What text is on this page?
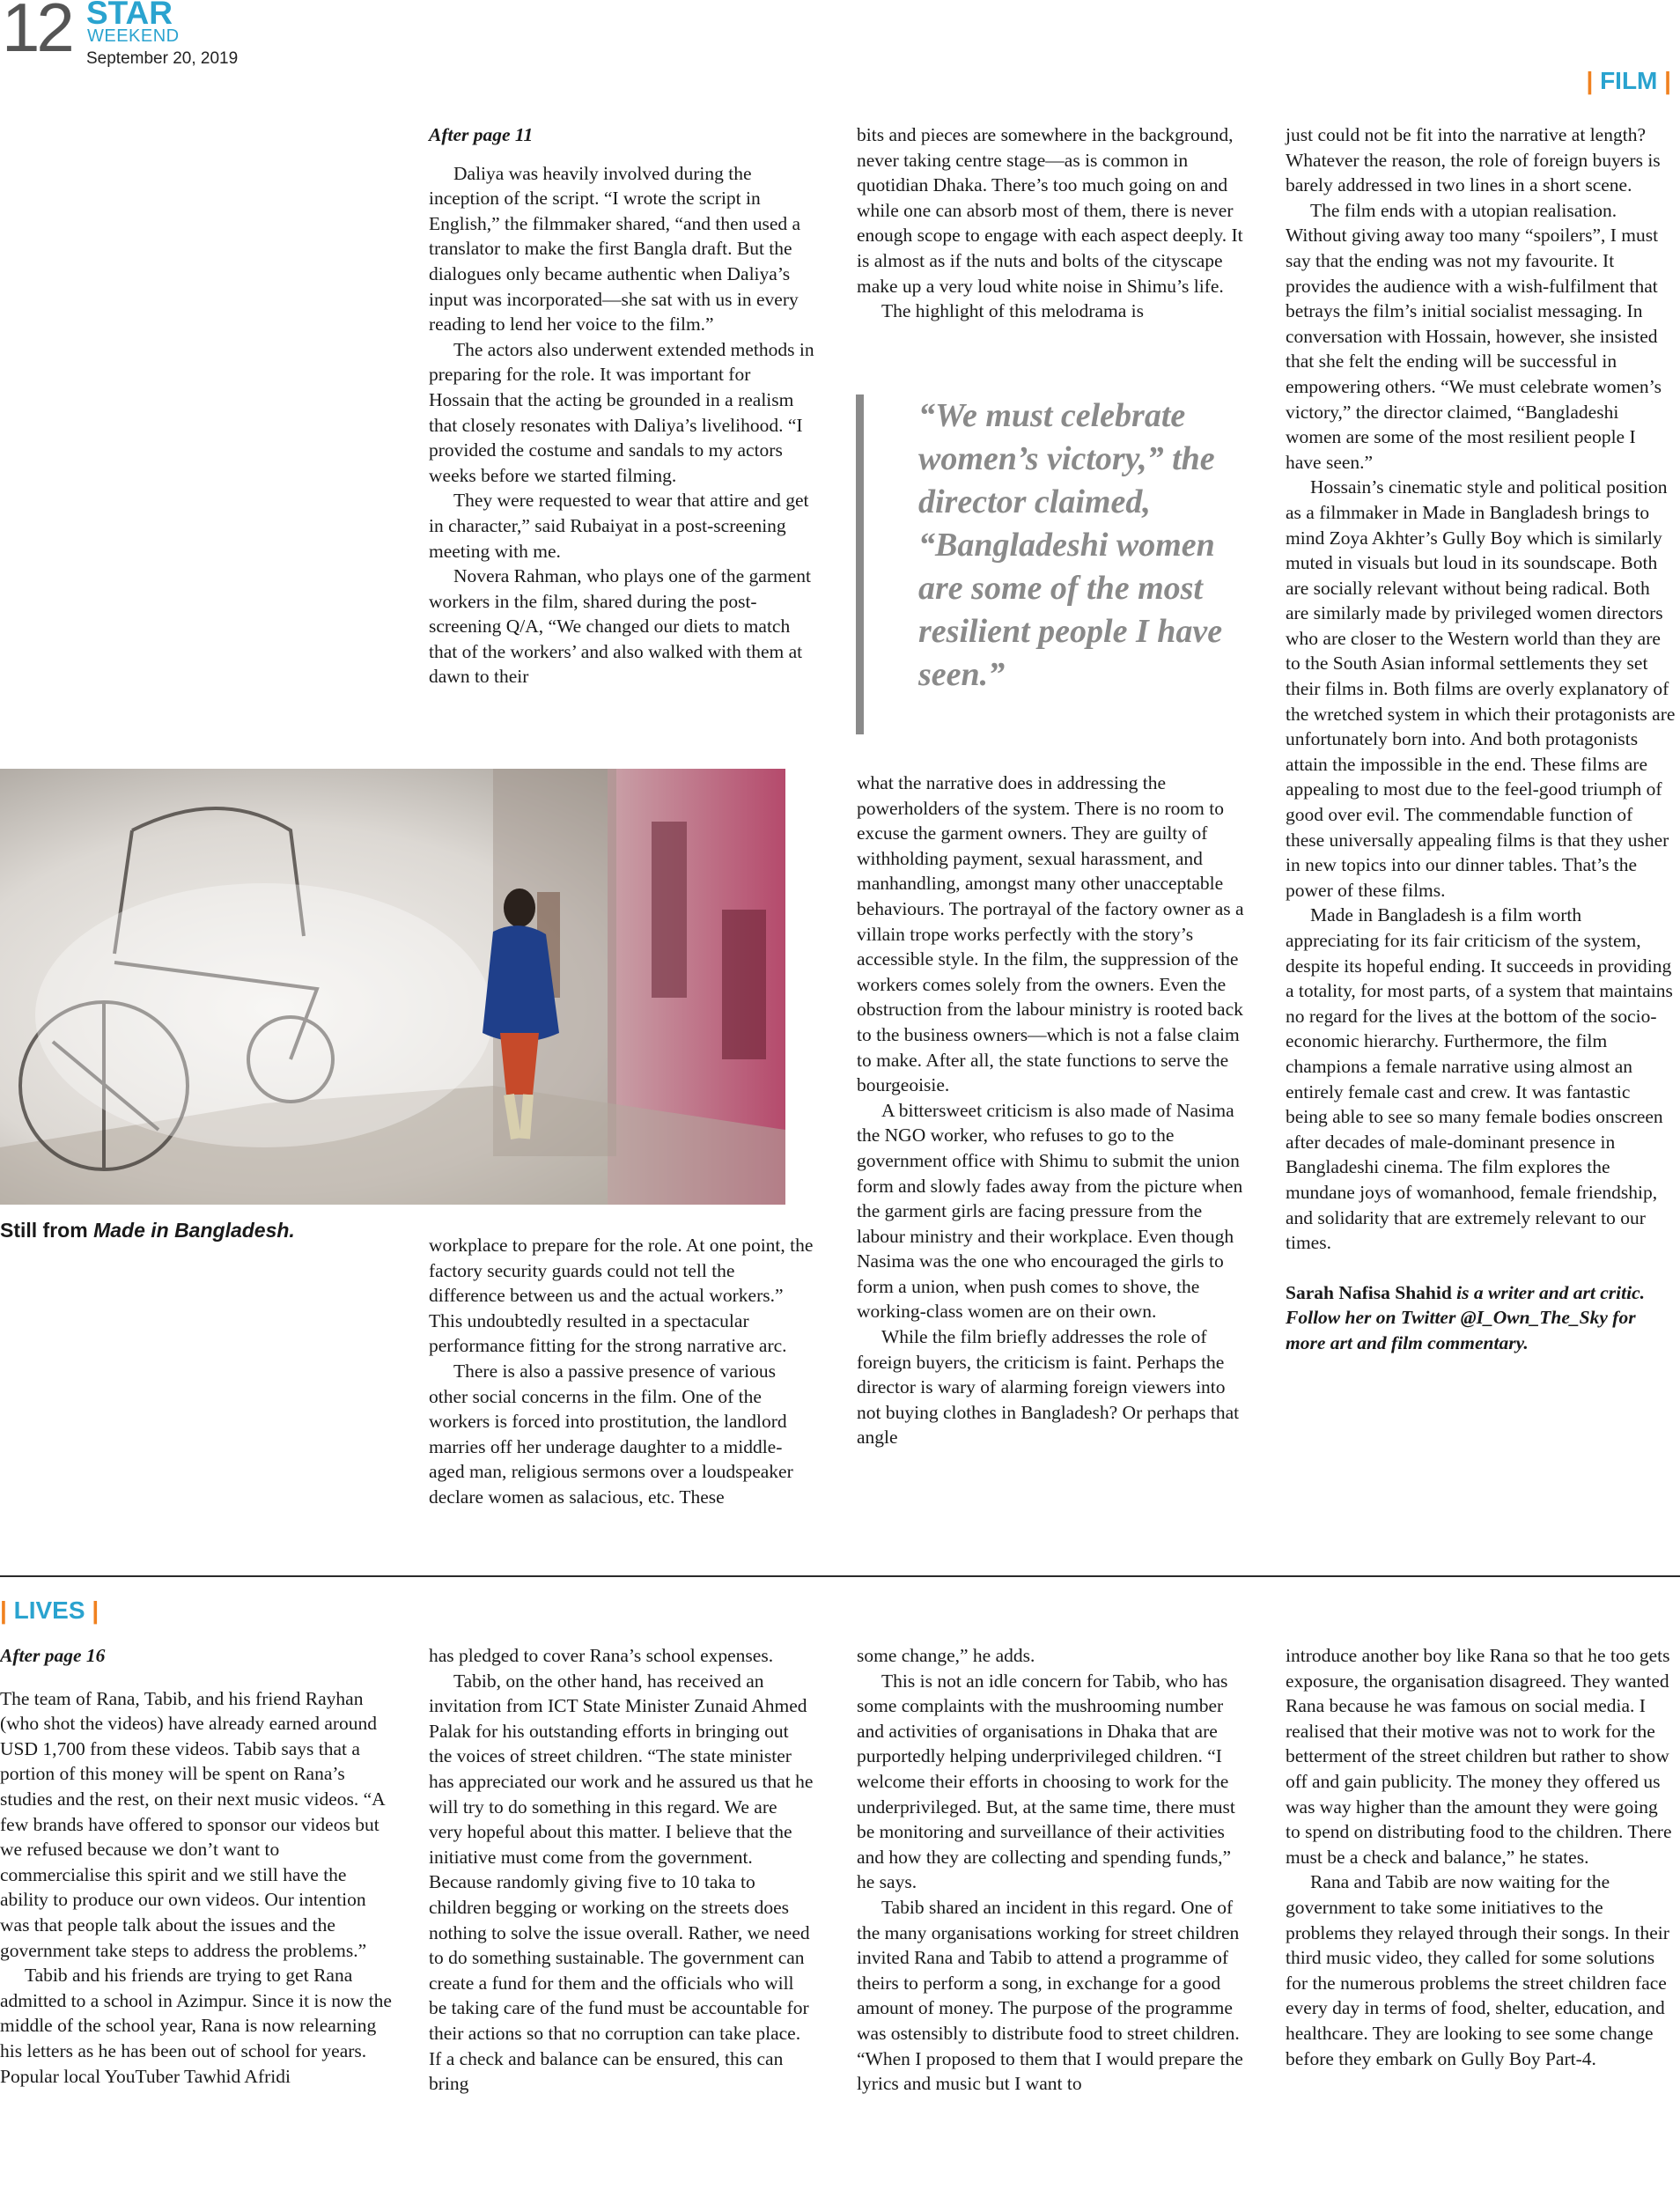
12 STAR
WEEKEND
September 20, 2019
| FILM |

After page 11

Daliya was heavily involved during the inception of the script. “I wrote the script in English,” the filmmaker shared, “and then used a translator to make the first Bangla draft. But the dialogues only became authentic when Daliya’s input was incorporated—she sat with us in every reading to lend her voice to the film.”

The actors also underwent extended methods in preparing for the role. It was important for Hossain that the acting be grounded in a realism that closely resonates with Daliya’s livelihood. “I provided the costume and sandals to my actors weeks before we started filming.

They were requested to wear that attire and get in character,” said Rubaiyat in a post-screening meeting with me.

Novera Rahman, who plays one of the garment workers in the film, shared during the post-screening Q/A, “We changed our diets to match that of the workers’ and also walked with them at dawn to their

Still from Made in Bangladesh.

workplace to prepare for the role. At one point, the factory security guards could not tell the difference between us and the actual workers.” This undoubtedly resulted in a spectacular performance fitting for the strong narrative arc.

There is also a passive presence of various other social concerns in the film. One of the workers is forced into prostitution, the landlord marries off her underage daughter to a middle-aged man, religious sermons over a loudspeaker declare women as salacious, etc. These

bits and pieces are somewhere in the background, never taking centre stage—as is common in quotidian Dhaka. There’s too much going on and while one can absorb most of them, there is never enough scope to engage with each aspect deeply. It is almost as if the nuts and bolts of the cityscape make up a very loud white noise in Shimu’s life.

The highlight of this melodrama is

“We must celebrate women’s victory,” the director claimed, “Bangladeshi women are some of the most resilient people I have seen.”

what the narrative does in addressing the powerholders of the system. There is no room to excuse the garment owners. They are guilty of withholding payment, sexual harassment, and manhandling, amongst many other unacceptable behaviours. The portrayal of the factory owner as a villain trope works perfectly with the story’s accessible style. In the film, the suppression of the workers comes solely from the owners. Even the obstruction from the labour ministry is rooted back to the business owners—which is not a false claim to make. After all, the state functions to serve the bourgeoisie.

A bittersweet criticism is also made of Nasima the NGO worker, who refuses to go to the government office with Shimu to submit the union form and slowly fades away from the picture when the garment girls are facing pressure from the labour ministry and their workplace. Even though Nasima was the one who encouraged the girls to form a union, when push comes to shove, the working-class women are on their own.

While the film briefly addresses the role of foreign buyers, the criticism is faint. Perhaps the director is wary of alarming foreign viewers into not buying clothes in Bangladesh? Or perhaps that angle

just could not be fit into the narrative at length? Whatever the reason, the role of foreign buyers is barely addressed in two lines in a short scene.

The film ends with a utopian realisation. Without giving away too many “spoilers”, I must say that the ending was not my favourite. It provides the audience with a wish-fulfilment that betrays the film’s initial socialist messaging. In conversation with Hossain, however, she insisted that she felt the ending will be successful in empowering others. “We must celebrate women’s victory,” the director claimed, “Bangladeshi women are some of the most resilient people I have seen.”

Hossain’s cinematic style and political position as a filmmaker in Made in Bangladesh brings to mind Zoya Akhter’s Gully Boy which is similarly muted in visuals but loud in its soundscape. Both are socially relevant without being radical. Both are similarly made by privileged women directors who are closer to the Western world than they are to the South Asian informal settlements they set their films in. Both films are overly explanatory of the wretched system in which their protagonists are unfortunately born into. And both protagonists attain the impossible in the end. These films are appealing to most due to the feel-good triumph of good over evil. The commendable function of these universally appealing films is that they usher in new topics into our dinner tables. That’s the power of these films.

Made in Bangladesh is a film worth appreciating for its fair criticism of the system, despite its hopeful ending. It succeeds in providing a totality, for most parts, of a system that maintains no regard for the lives at the bottom of the socio-economic hierarchy. Furthermore, the film champions a female narrative using almost an entirely female cast and crew. It was fantastic being able to see so many female bodies onscreen after decades of male-dominant presence in Bangladeshi cinema. The film explores the mundane joys of womanhood, female friendship, and solidarity that are extremely relevant to our times.

Sarah Nafisa Shahid is a writer and art critic. Follow her on Twitter @I_Own_The_Sky for more art and film commentary.

| LIVES |

After page 16

The team of Rana, Tabib, and his friend Rayhan (who shot the videos) have already earned around USD 1,700 from these videos. Tabib says that a portion of this money will be spent on Rana’s studies and the rest, on their next music videos. “A few brands have offered to sponsor our videos but we refused because we don’t want to commercialise this spirit and we still have the ability to produce our own videos. Our intention was that people talk about the issues and the government take steps to address the problems.”

Tabib and his friends are trying to get Rana admitted to a school in Azimpur. Since it is now the middle of the school year, Rana is now relearning his letters as he has been out of school for years. Popular local YouTuber Tawhid Afridi

has pledged to cover Rana’s school expenses.

Tabib, on the other hand, has received an invitation from ICT State Minister Zunaid Ahmed Palak for his outstanding efforts in bringing out the voices of street children. “The state minister has appreciated our work and he assured us that he will try to do something in this regard. We are very hopeful about this matter. I believe that the initiative must come from the government. Because randomly giving five to 10 taka to children begging or working on the streets does nothing to solve the issue overall. Rather, we need to do something sustainable. The government can create a fund for them and the officials who will be taking care of the fund must be accountable for their actions so that no corruption can take place. If a check and balance can be ensured, this can bring

some change,” he adds.

This is not an idle concern for Tabib, who has some complaints with the mushrooming number and activities of organisations in Dhaka that are purportedly helping underprivileged children. “I welcome their efforts in choosing to work for the underprivileged. But, at the same time, there must be monitoring and surveillance of their activities and how they are collecting and spending funds,” he says.

Tabib shared an incident in this regard. One of the many organisations working for street children invited Rana and Tabib to attend a programme of theirs to perform a song, in exchange for a good amount of money. The purpose of the programme was ostensibly to distribute food to street children. “When I proposed to them that I would prepare the lyrics and music but I want to

introduce another boy like Rana so that he too gets exposure, the organisation disagreed. They wanted Rana because he was famous on social media. I realised that their motive was not to work for the betterment of the street children but rather to show off and gain publicity. The money they offered us was way higher than the amount they were going to spend on distributing food to the children. There must be a check and balance,” he states.

Rana and Tabib are now waiting for the government to take some initiatives to the problems they relayed through their songs. In their third music video, they called for some solutions for the numerous problems the street children face every day in terms of food, shelter, education, and healthcare. They are looking to see some change before they embark on Gully Boy Part-4.
